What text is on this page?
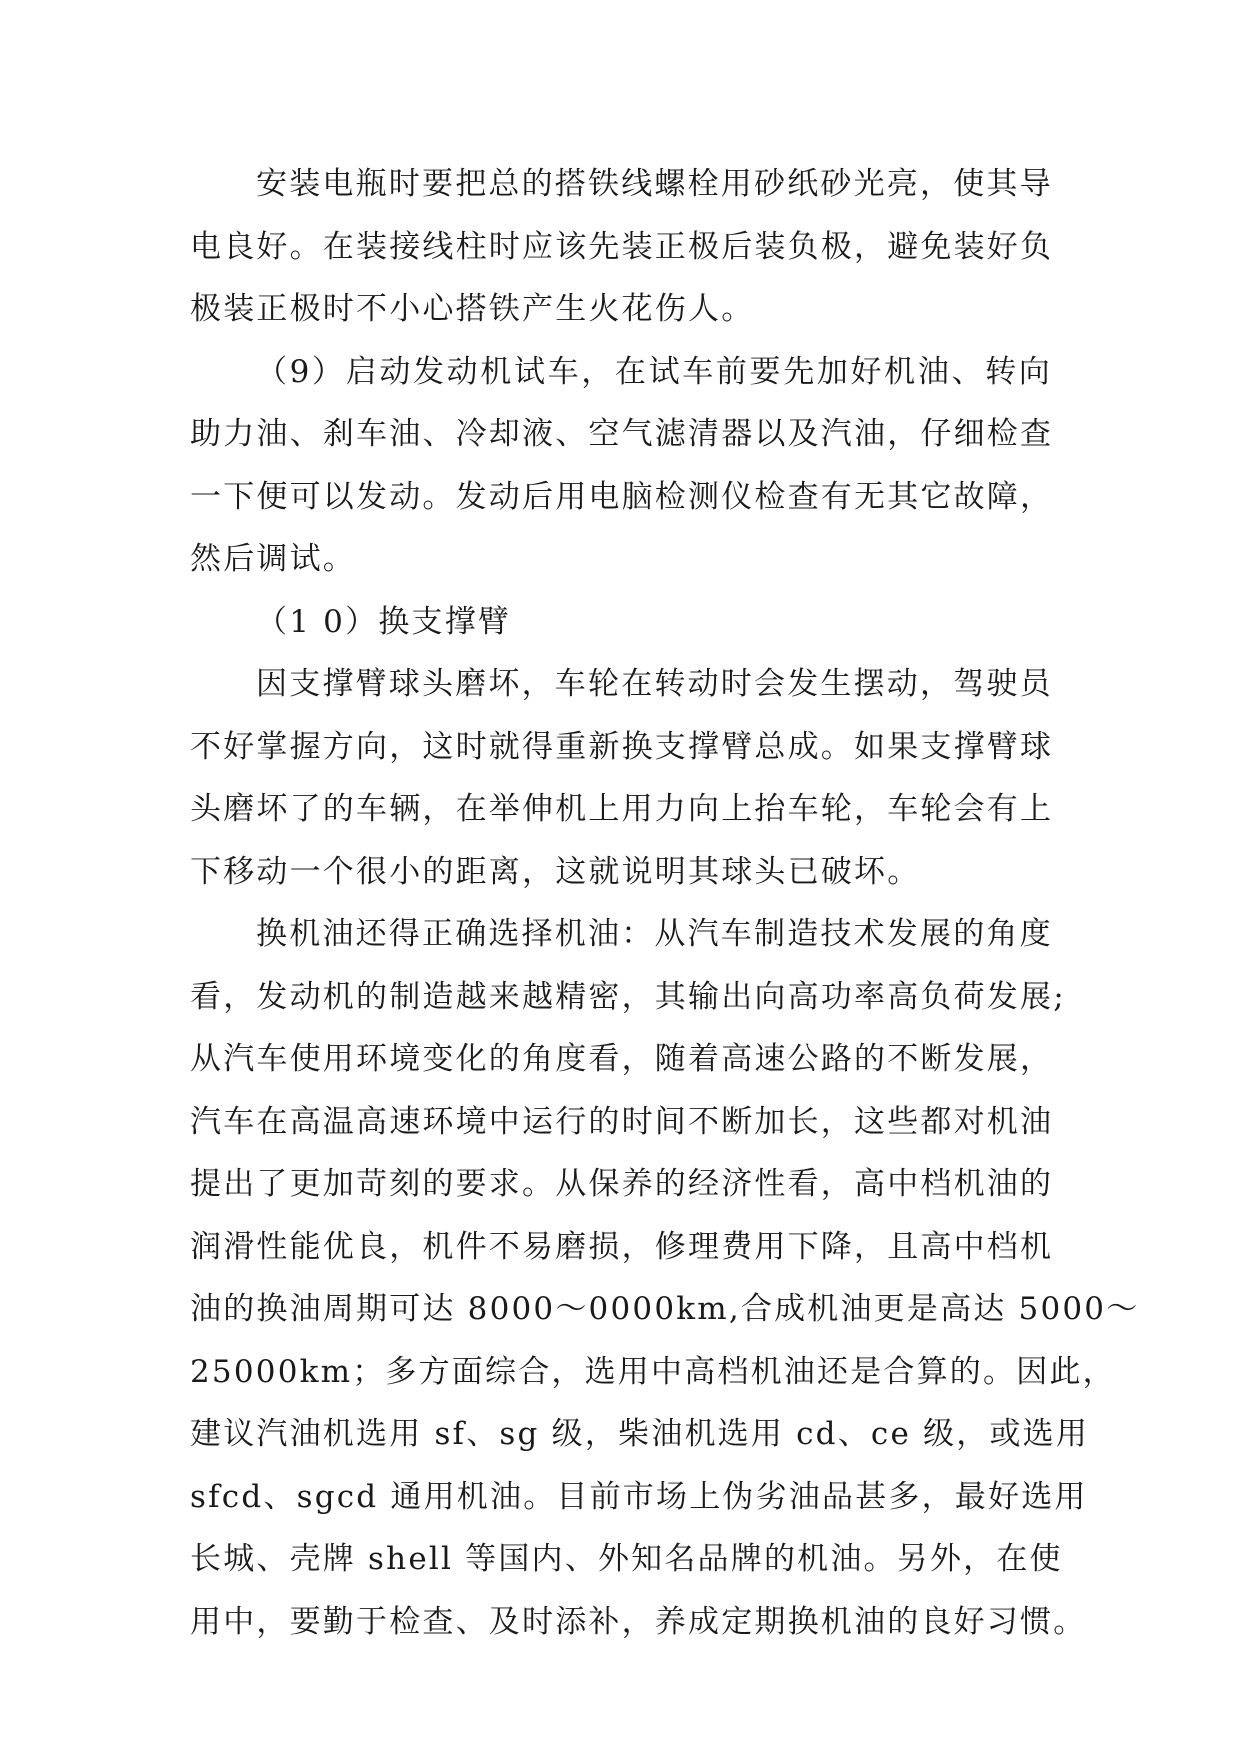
安装电瓶时要把总的搭铁线螺栓用砂纸砂光亮，使其导
电良好。在装接线柱时应该先装正极后装负极，避免装好负
极装正极时不小心搭铁产生火花伤人。
（9）启动发动机试车，在试车前要先加好机油、转向
助力油、刹车油、冷却液、空气滤清器以及汽油，仔细检查
一下便可以发动。发动后用电脑检测仪检查有无其它故障，
然后调试。
（1 0）换支撑臂
因支撑臂球头磨坏，车轮在转动时会发生摆动，驾驶员
不好掌握方向，这时就得重新换支撑臂总成。如果支撑臂球
头磨坏了的车辆，在举伸机上用力向上抬车轮，车轮会有上
下移动一个很小的距离，这就说明其球头已破坏。
换机油还得正确选择机油：从汽车制造技术发展的角度
看，发动机的制造越来越精密，其输出向高功率高负荷发展;
从汽车使用环境变化的角度看，随着高速公路的不断发展，
汽车在高温高速环境中运行的时间不断加长，这些都对机油
提出了更加苛刻的要求。从保养的经济性看，高中档机油的
润滑性能优良，机件不易磨损，修理费用下降，且高中档机
油的换油周期可达 8000～0000km,合成机油更是高达 5000～
25000km；多方面综合，选用中高档机油还是合算的。因此，
建议汽油机选用 sf、sg 级，柴油机选用 cd、ce 级，或选用
sfcd、sgcd 通用机油。目前市场上伪劣油品甚多，最好选用
长城、壳牌 shell 等国内、外知名品牌的机油。另外，在使
用中，要勤于检查、及时添补，养成定期换机油的良好习惯。
